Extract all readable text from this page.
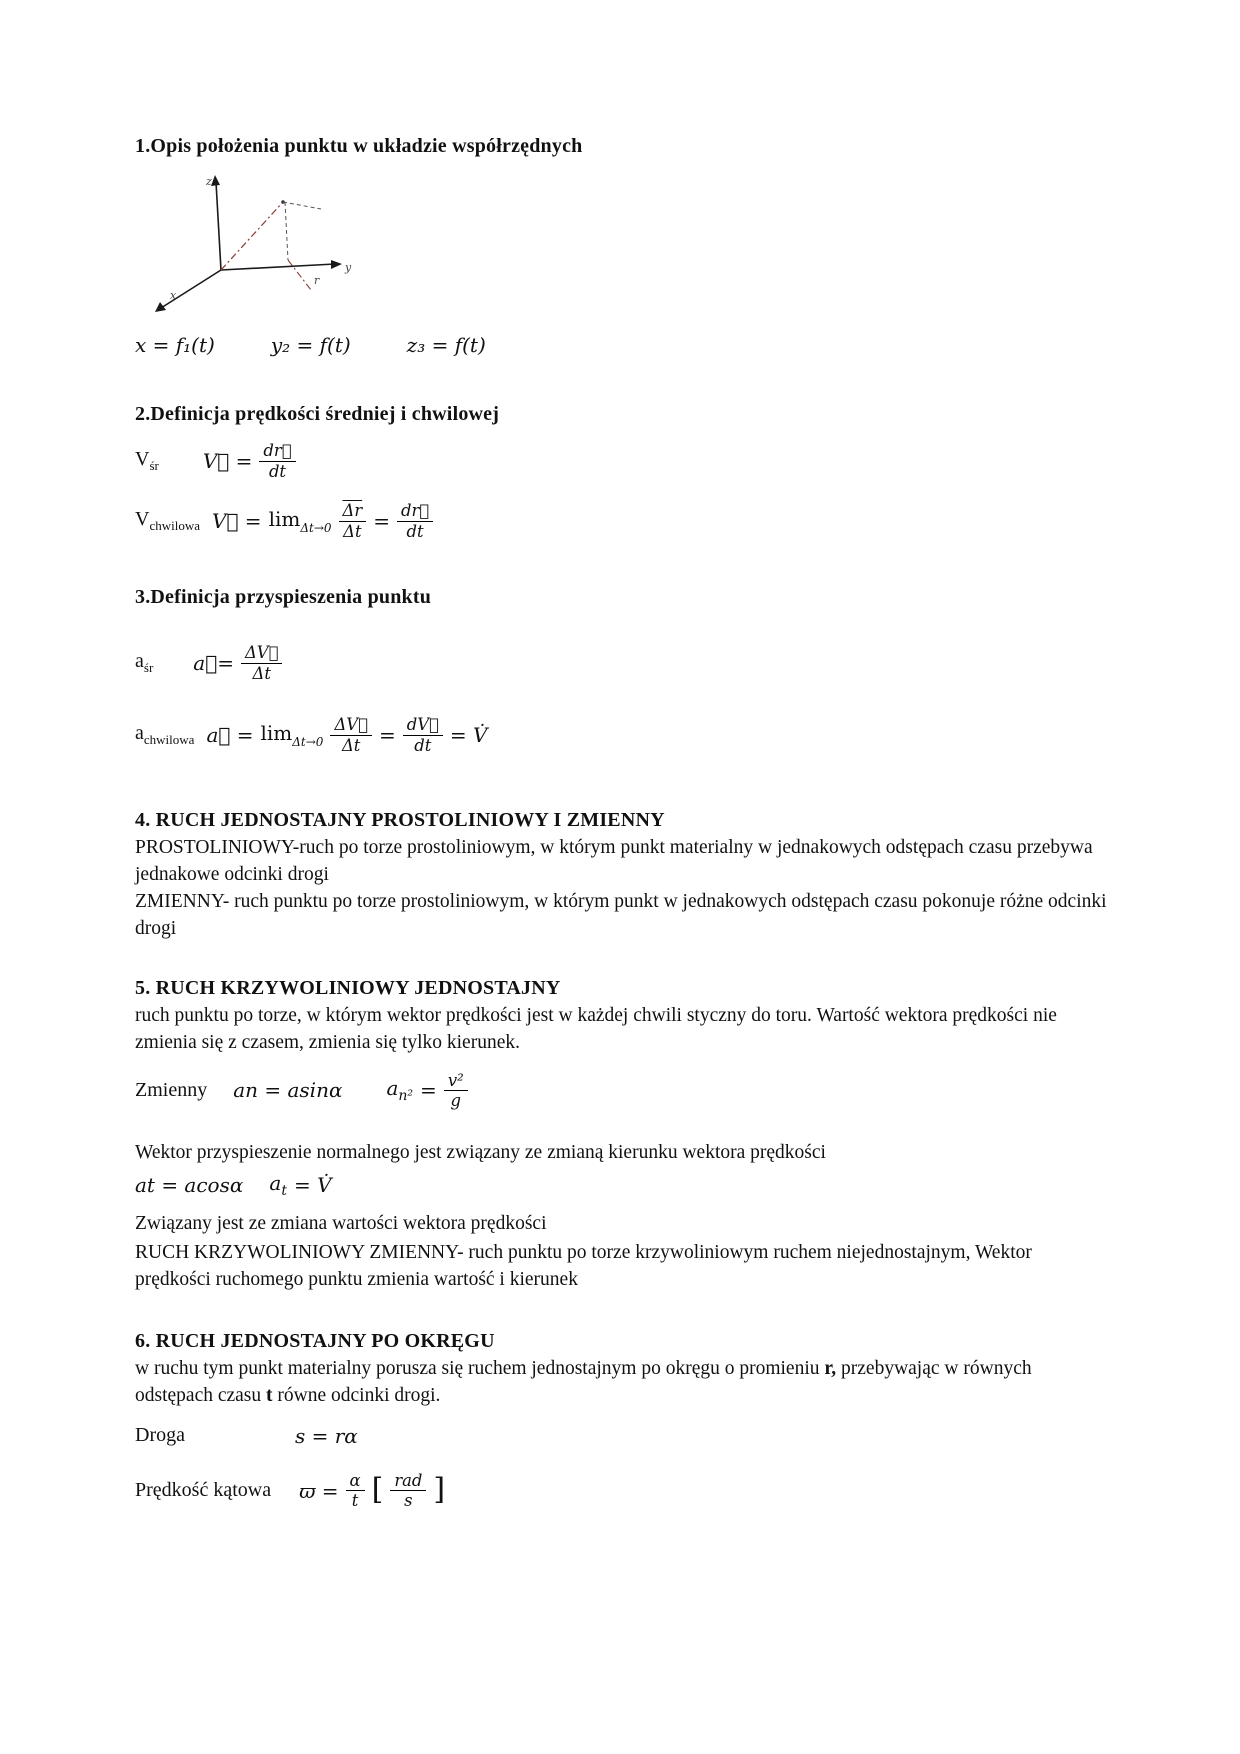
1.Opis położenia punktu w układzie współrzędnych
z
y
x
r
x = f₁(t)	y₂ = f(t)	z₃ = f(t)
2.Definicja prędkości średniej i chwilowej
$V_{śr}$ V⃗ = $\frac{dr⃗}{dt}$
$V_{chwilowa}$ V⃗ = $\lim_{\Delta t\to 0} \frac{\overline{\Delta r}}{\Delta t} = \frac{dr⃗}{dt}$
3.Definicja przyspieszenia punktu
$a_{śr}$ a⃗= $\frac{\Delta V⃗}{\Delta t}$
$a_{chwilowa}$ a⃗ = $\lim_{\Delta t\to 0} \frac{\Delta V⃗}{\Delta t} = \frac{dV⃗}{dt}$ = V̇
4. RUCH JEDNOSTAJNY PROSTOLINIOWY I ZMIENNY

PROSTOLINIOWY-ruch po torze prostoliniowym, w którym punkt materialny w jednakowych odstępach czasu przebywa jednakowe odcinki drogi

ZMIENNY- ruch punktu po torze prostoliniowym, w którym punkt w jednakowych odstępach czasu pokonuje różne odcinki drogi

5. RUCH KRZYWOLINIOWY JEDNOSTAJNY

ruch punktu po torze, w którym wektor prędkości jest w każdej chwili styczny do toru. Wartość wektora prędkości nie zmienia się z czasem, zmienia się tylko kierunek.

Zmienny an = asinα $a_{n^2} = \frac{\text{v²}}{g}$

Wektor przyspieszenie normalnego jest związany ze zmianą kierunku wektora prędkości

at = acosα $a_t$ = V̇

Związany jest ze zmiana wartości wektora prędkości

RUCH KRZYWOLINIOWY ZMIENNY- ruch punktu po torze krzywoliniowym ruchem niejednostajnym, Wektor prędkości ruchomego punktu zmienia wartość i kierunek

6. RUCH JEDNOSTAJNY PO OKRĘGU

w ruchu tym punkt materialny porusza się ruchem jednostajnym po okręgu o promieniu r, przebywając w równych odstępach czasu t równe odcinki drogi.

Droga	s = rα
Prędkość kątowa $ϖ = \frac{\alpha}{t}$ [ $\frac{\text{rad}}{s}$ ]
